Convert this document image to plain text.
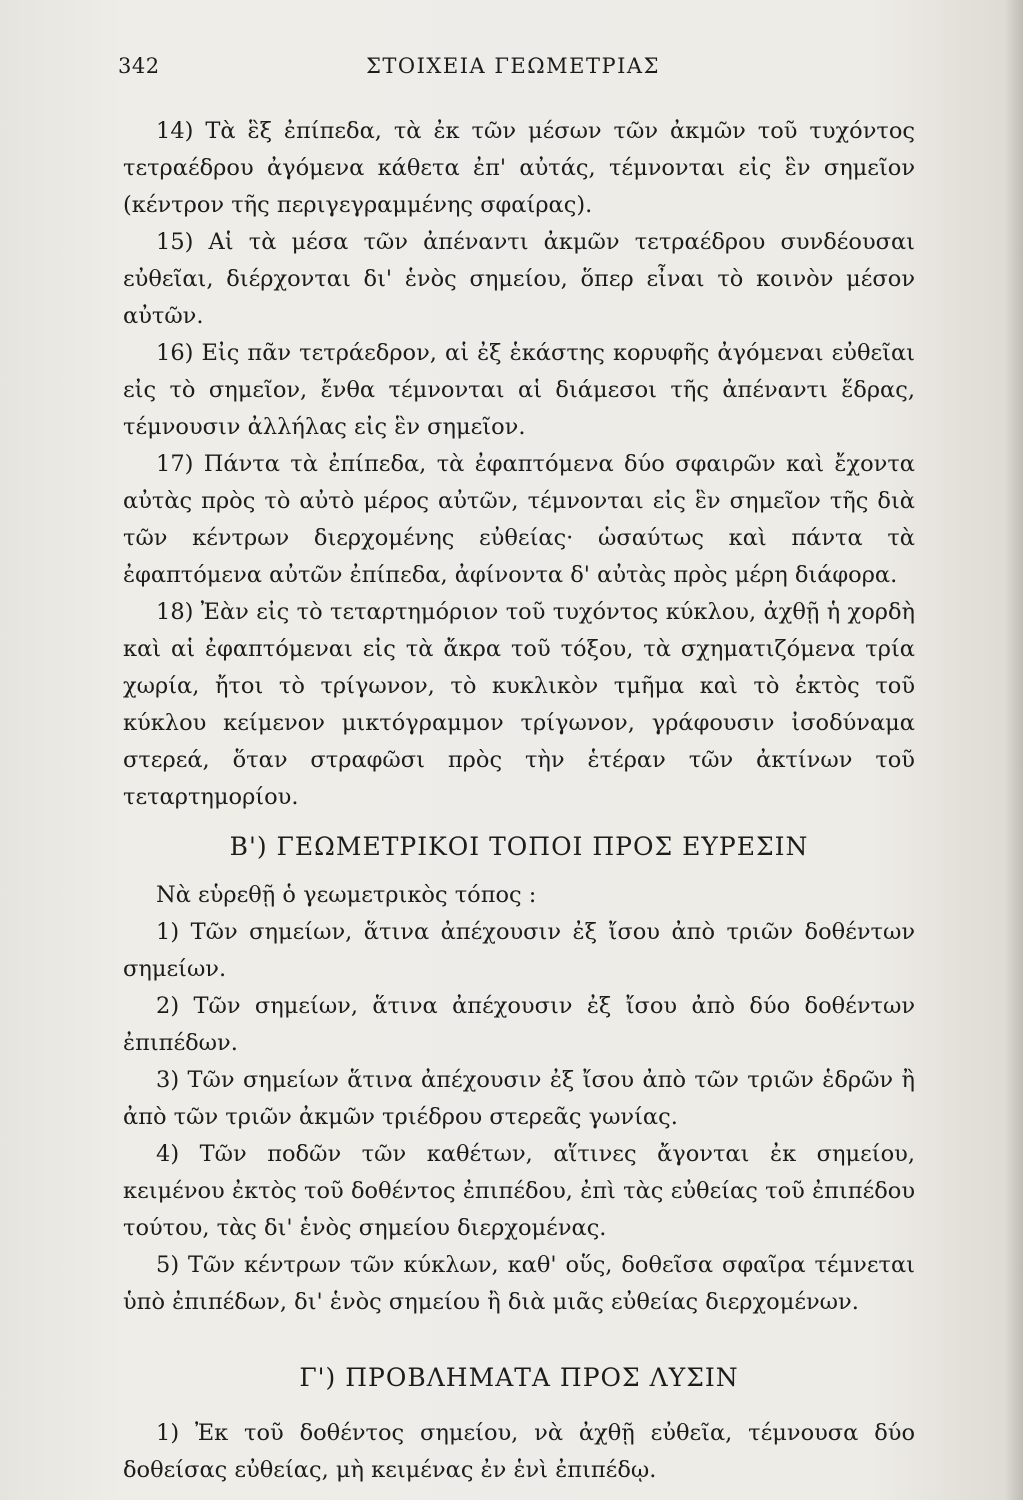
342	ΣΤΟΙΧΕΙΑ ΓΕΩΜΕΤΡΙΑΣ

14) Τὰ ἓξ ἐπίπεδα, τὰ ἐκ τῶν μέσων τῶν ἀκμῶν τοῦ τυχόντος τετραέδρου ἀγόμενα κάθετα ἐπ' αὐτάς, τέμνονται εἰς ἓν σημεῖον (κέντρον τῆς περιγεγραμμένης σφαίρας).

15) Αἱ τὰ μέσα τῶν ἀπέναντι ἀκμῶν τετραέδρου συνδέουσαι εὐθεῖαι, διέρχονται δι' ἑνὸς σημείου, ὅπερ εἶναι τὸ κοινὸν μέσον αὐτῶν.

16) Εἰς πᾶν τετράεδρον, αἱ ἐξ ἑκάστης κορυφῆς ἀγόμεναι εὐθεῖαι εἰς τὸ σημεῖον, ἔνθα τέμνονται αἱ διάμεσοι τῆς ἀπέναντι ἕδρας, τέμνουσιν ἀλλήλας εἰς ἓν σημεῖον.

17) Πάντα τὰ ἐπίπεδα, τὰ ἐφαπτόμενα δύο σφαιρῶν καὶ ἔχοντα αὐτὰς πρὸς τὸ αὐτὸ μέρος αὐτῶν, τέμνονται εἰς ἓν σημεῖον τῆς διὰ τῶν κέντρων διερχομένης εὐθείας· ὡσαύτως καὶ πάντα τὰ ἐφαπτόμενα αὐτῶν ἐπίπεδα, ἀφίνοντα δ' αὐτὰς πρὸς μέρη διάφορα.

18) Ἐὰν εἰς τὸ τεταρτημόριον τοῦ τυχόντος κύκλου, ἀχθῇ ἡ χορδὴ καὶ αἱ ἐφαπτόμεναι εἰς τὰ ἄκρα τοῦ τόξου, τὰ σχηματιζόμενα τρία χωρία, ἤτοι τὸ τρίγωνον, τὸ κυκλικὸν τμῆμα καὶ τὸ ἐκτὸς τοῦ κύκλου κείμενον μικτόγραμμον τρίγωνον, γράφουσιν ἰσοδύναμα στερεά, ὅταν στραφῶσι πρὸς τὴν ἑτέραν τῶν ἀκτίνων τοῦ τεταρτημορίου.

Β') ΓΕΩΜΕΤΡΙΚΟΙ ΤΟΠΟΙ ΠΡΟΣ ΕΥΡΕΣΙΝ

Νὰ εὑρεθῇ ὁ γεωμετρικὸς τόπος :

1) Τῶν σημείων, ἅτινα ἀπέχουσιν ἐξ ἴσου ἀπὸ τριῶν δοθέντων σημείων.

2) Τῶν σημείων, ἅτινα ἀπέχουσιν ἐξ ἴσου ἀπὸ δύο δοθέντων ἐπιπέδων.

3) Τῶν σημείων ἅτινα ἀπέχουσιν ἐξ ἴσου ἀπὸ τῶν τριῶν ἑδρῶν ἢ ἀπὸ τῶν τριῶν ἀκμῶν τριέδρου στερεᾶς γωνίας.

4) Τῶν ποδῶν τῶν καθέτων, αἵτινες ἄγονται ἐκ σημείου, κειμένου ἐκτὸς τοῦ δοθέντος ἐπιπέδου, ἐπὶ τὰς εὐθείας τοῦ ἐπιπέδου τούτου, τὰς δι' ἑνὸς σημείου διερχομένας.

5) Τῶν κέντρων τῶν κύκλων, καθ' οὕς, δοθεῖσα σφαῖρα τέμνεται ὑπὸ ἐπιπέδων, δι' ἑνὸς σημείου ἢ διὰ μιᾶς εὐθείας διερχομένων.

Γ') ΠΡΟΒΛΗΜΑΤΑ ΠΡΟΣ ΛΥΣΙΝ

1) Ἐκ τοῦ δοθέντος σημείου, νὰ ἀχθῇ εὐθεῖα, τέμνουσα δύο δοθείσας εὐθείας, μὴ κειμένας ἐν ἑνὶ ἐπιπέδῳ.
